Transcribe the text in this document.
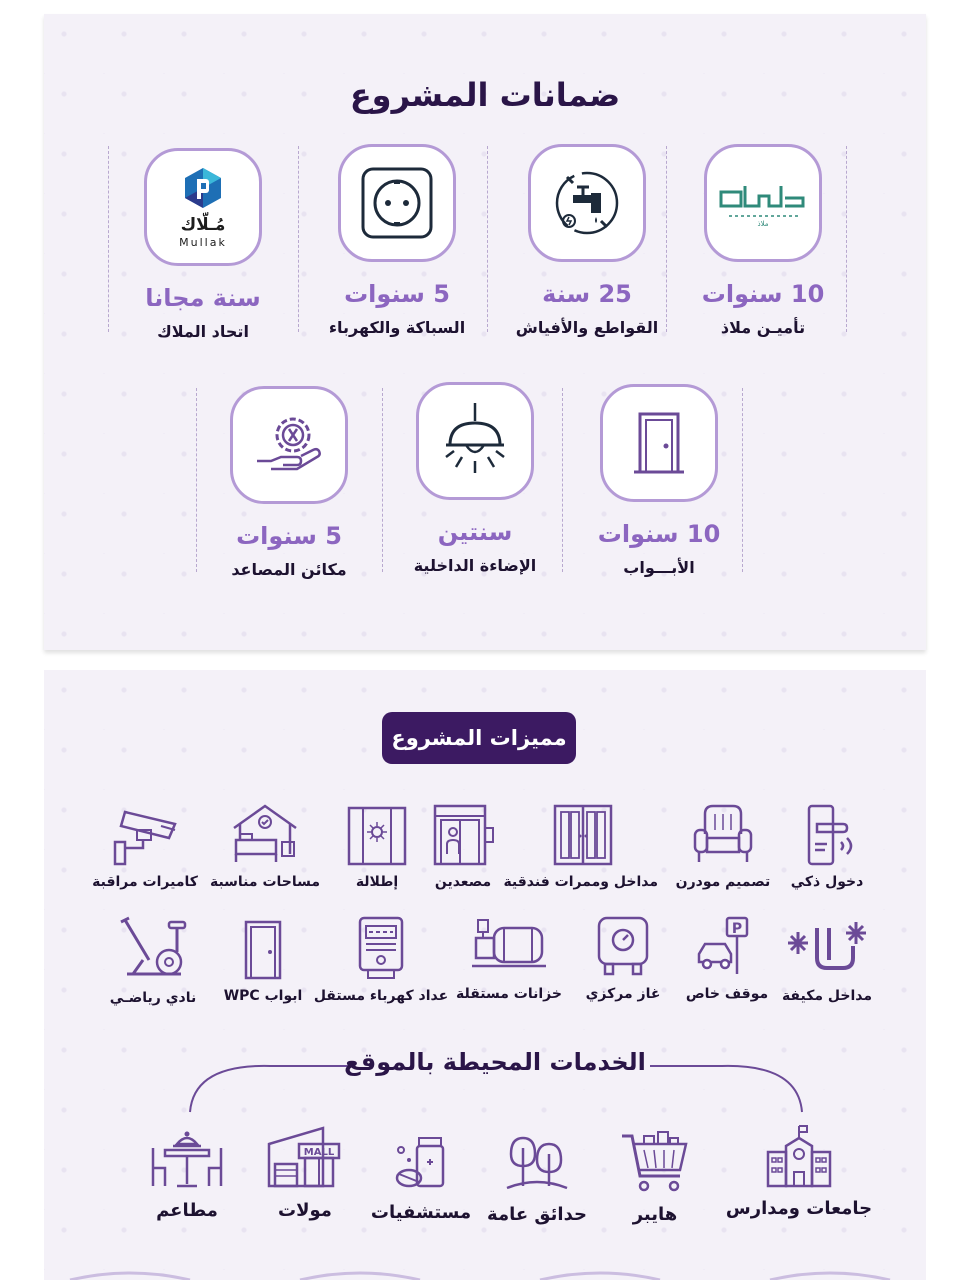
ضمانات المشروع
ملاذ
10 سنوات
تأميـن ملاذ
25 سنة
القواطع والأفياش
5 سنوات
السباكة والكهرباء
مُـلّاك
Mullak
سنة مجانا
اتحاد الملاك
10 سنوات
الأبـــواب
سنتين
الإضاءة الداخلية
5 سنوات
مكائن المصاعد
مميزات المشروع
دخول ذكي
تصميم مودرن
مداخل وممرات فندقية
مصعدين
إطلالة
مساحات مناسبة
كاميرات مراقبة
مداخل مكيفة
P
موقف خاص
غاز مركزي
خزانات مستقلة
عداد كهرباء مستقل
ابواب WPC
نادي رياضـي
الخدمات المحيطة بالموقع
جامعات ومدارس
هايبر
حدائق عامة
مستشفيات
MALL
مولات
مطاعم
